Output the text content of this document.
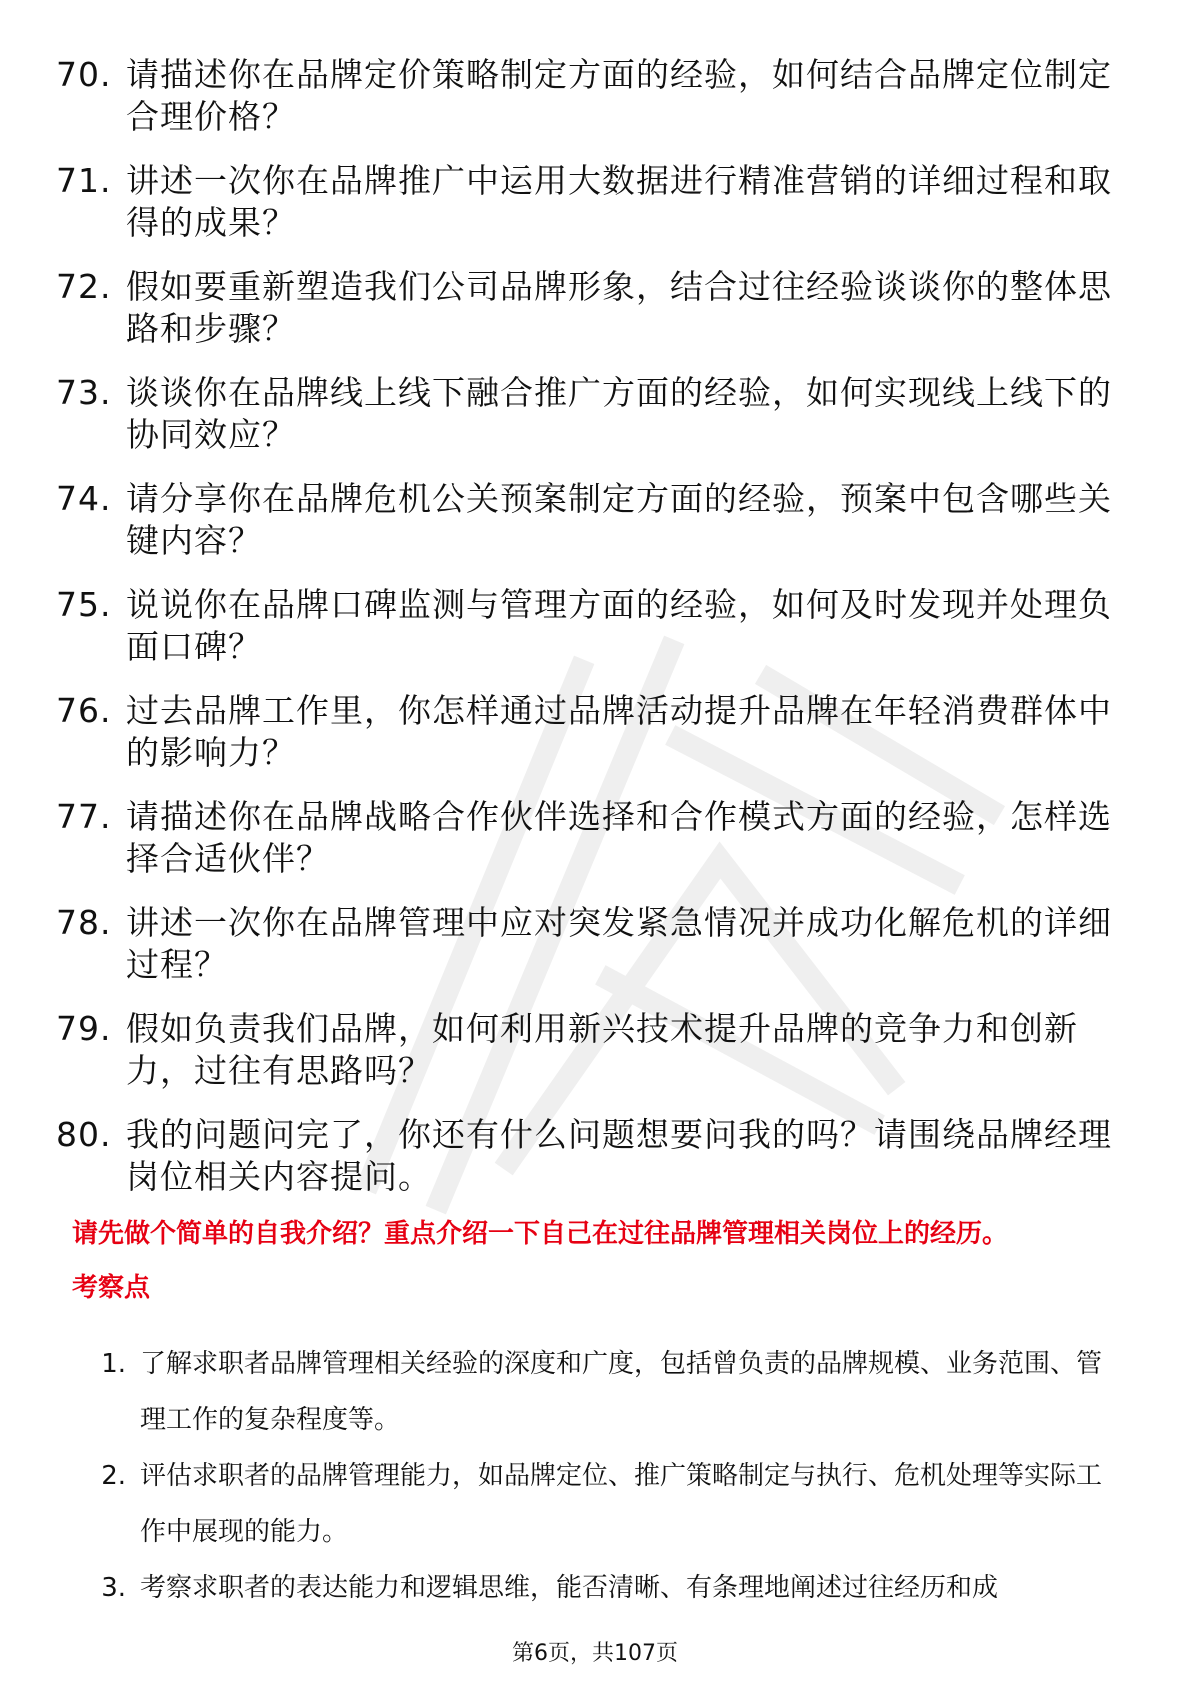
70. 请描述你在品牌定价策略制定方面的经验，如何结合品牌定位制定合理价格？
71. 讲述一次你在品牌推广中运用大数据进行精准营销的详细过程和取得的成果？
72. 假如要重新塑造我们公司品牌形象，结合过往经验谈谈你的整体思路和步骤？
73. 谈谈你在品牌线上线下融合推广方面的经验，如何实现线上线下的协同效应？
74. 请分享你在品牌危机公关预案制定方面的经验，预案中包含哪些关键内容？
75. 说说你在品牌口碑监测与管理方面的经验，如何及时发现并处理负面口碑？
76. 过去品牌工作里，你怎样通过品牌活动提升品牌在年轻消费群体中的影响力？
77. 请描述你在品牌战略合作伙伴选择和合作模式方面的经验，怎样选择合适伙伴？
78. 讲述一次你在品牌管理中应对突发紧急情况并成功化解危机的详细过程？
79. 假如负责我们品牌，如何利用新兴技术提升品牌的竞争力和创新力，过往有思路吗？
80. 我的问题问完了，你还有什么问题想要问我的吗？请围绕品牌经理岗位相关内容提问。
请先做个简单的自我介绍？重点介绍一下自己在过往品牌管理相关岗位上的经历。
考察点
1. 了解求职者品牌管理相关经验的深度和广度，包括曾负责的品牌规模、业务范围、管理工作的复杂程度等。
2. 评估求职者的品牌管理能力，如品牌定位、推广策略制定与执行、危机处理等实际工作中展现的能力。
3. 考察求职者的表达能力和逻辑思维，能否清晰、有条理地阐述过往经历和成
第6页，共107页
